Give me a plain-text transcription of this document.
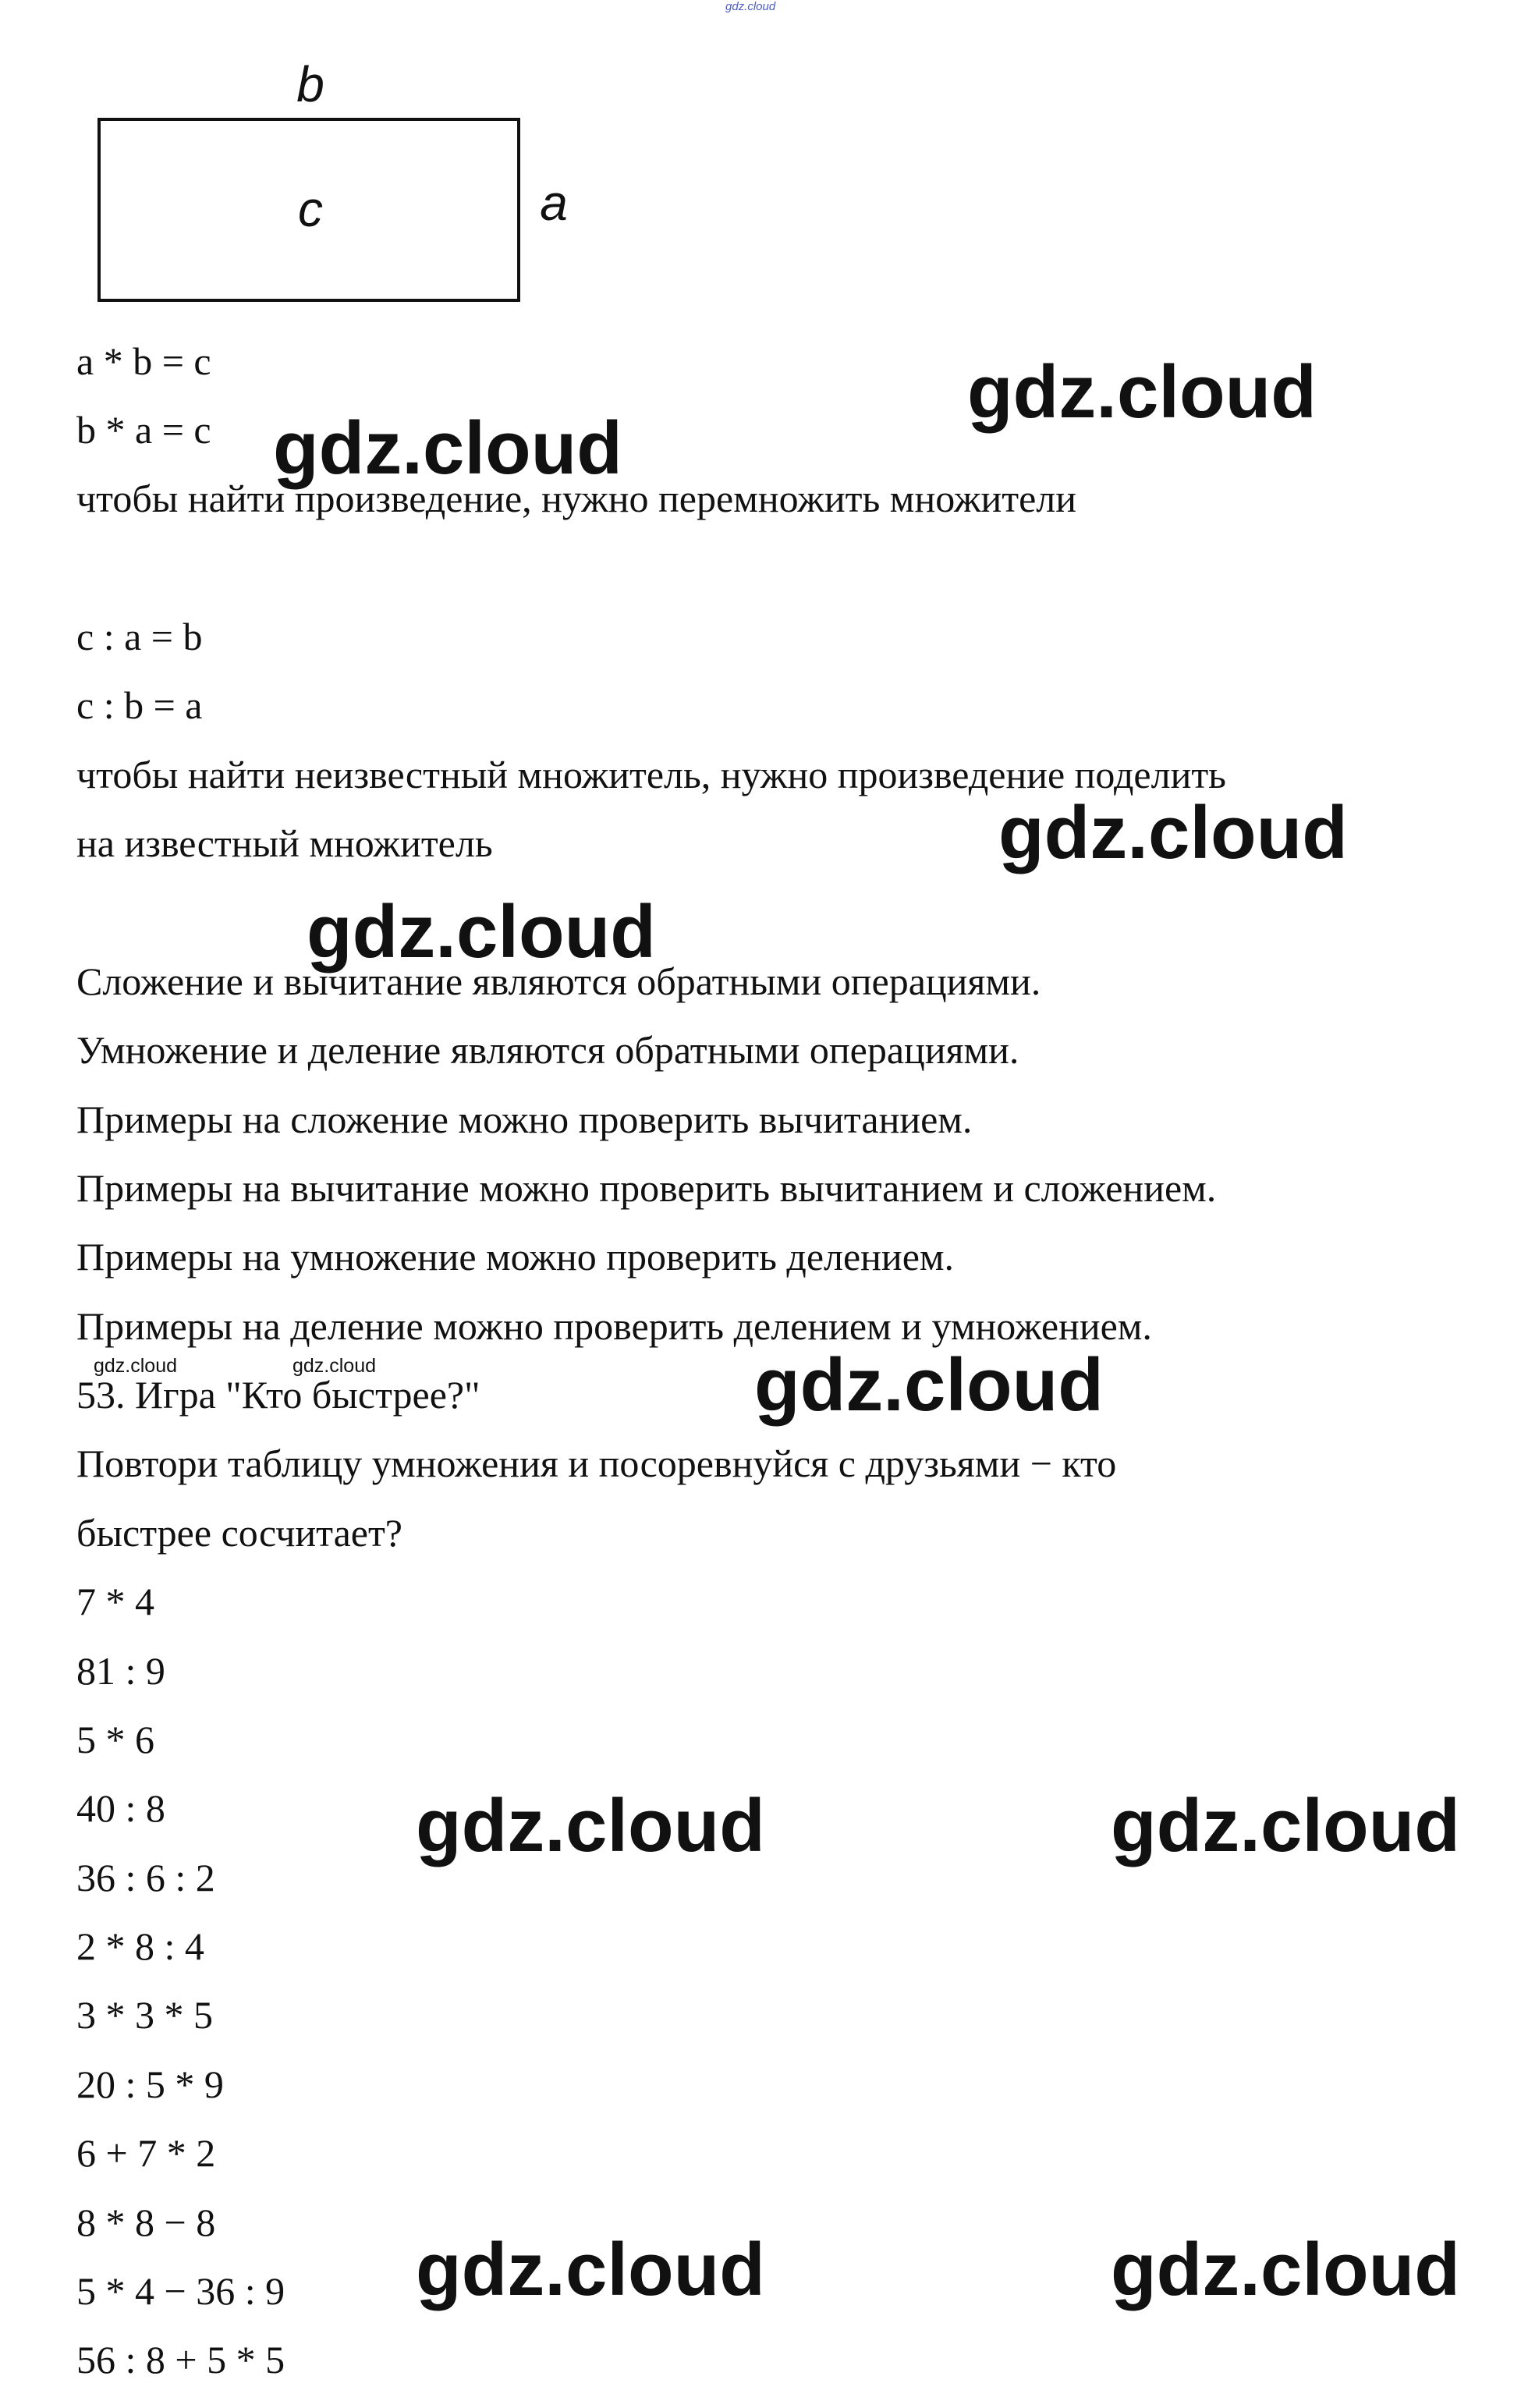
gdz.cloud
b
c	a
a * b = c
b * a = c
чтобы найти произведение, нужно перемножить множители
c : a = b
c : b = a
чтобы найти неизвестный множитель, нужно произведение поделить
на известный множитель
Сложение и вычитание являются обратными операциями.
Умножение и деление являются обратными операциями.
Примеры на сложение можно проверить вычитанием.
Примеры на вычитание можно проверить вычитанием и сложением.
Примеры на умножение можно проверить делением.
Примеры на деление можно проверить делением и умножением.
53. Игра "Кто быстрее?"
Повтори таблицу умножения и посоревнуйся с друзьями − кто
быстрее сосчитает?
7 * 4
81 : 9
5 * 6
40 : 8
36 : 6 : 2
2 * 8 : 4
3 * 3 * 5
20 : 5 * 9
6 + 7 * 2
8 * 8 − 8
5 * 4 − 36 : 9
56 : 8 + 5 * 5
gdz.cloud
gdz.cloud
gdz.cloud
gdz.cloud
gdz.cloud
gdz.cloud	gdz.cloud
gdz.cloud	gdz.cloud
gdz.cloud	gdz.cloud
